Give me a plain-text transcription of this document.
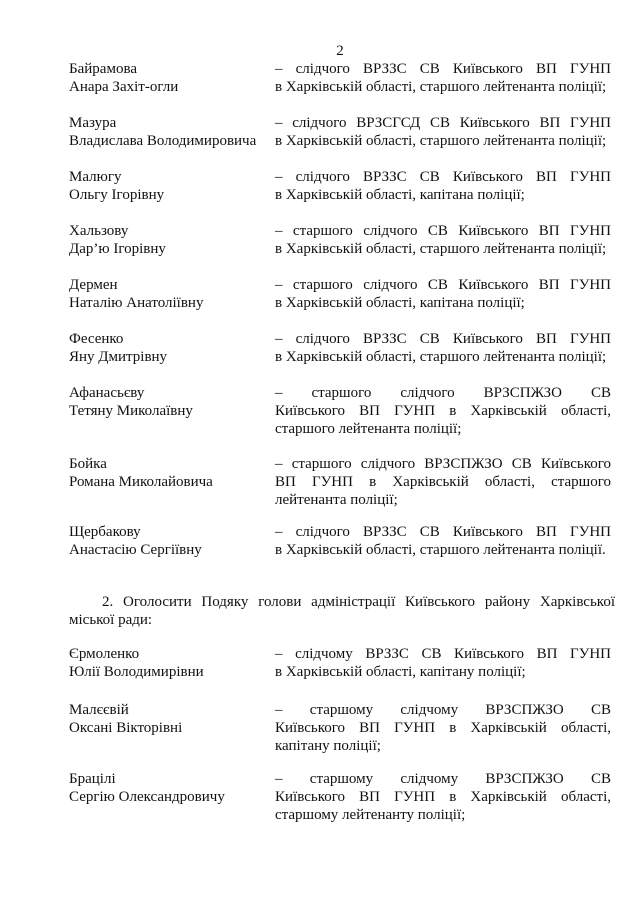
2
Байрамова
Анара Захіт-огли
– слідчого ВРЗЗС СВ Київського ВП ГУНП
в Харківській області, старшого лейтенанта поліції;
Мазура
Владислава Володимировича
– слідчого ВРЗСГСД СВ Київського ВП ГУНП
в Харківській області, старшого лейтенанта поліції;
Малюгу
Ольгу Ігорівну
– слідчого ВРЗЗС СВ Київського ВП ГУНП
в Харківській області, капітана поліції;
Хальзову
Дар’ю Ігорівну
– старшого слідчого СВ Київського ВП ГУНП
в Харківській області, старшого лейтенанта поліції;
Дермен
Наталію Анатоліївну
– старшого слідчого СВ Київського ВП ГУНП
в Харківській області, капітана поліції;
Фесенко
Яну Дмитрівну
– слідчого ВРЗЗС СВ Київського ВП ГУНП
в Харківській області, старшого лейтенанта поліції;
Афанасьєву
Тетяну Миколаївну
– старшого слідчого ВРЗСПЖЗО СВ
Київського ВП ГУНП в Харківській області,
старшого лейтенанта поліції;
Бойка
Романа Миколайовича
– старшого слідчого ВРЗСПЖЗО СВ Київського
ВП ГУНП в Харківській області, старшого
лейтенанта поліції;
Щербакову
Анастасію Сергіївну
– слідчого ВРЗЗС СВ Київського ВП ГУНП
в Харківській області, старшого лейтенанта поліції.
2. Оголосити Подяку голови адміністрації Київського району Харківської
міської ради:
Єрмоленко
Юлії Володимирівни
– слідчому ВРЗЗС СВ Київського ВП ГУНП
в Харківській області, капітану поліції;
Малєєвій
Оксані Вікторівні
– старшому слідчому ВРЗСПЖЗО СВ
Київського ВП ГУНП в Харківській області,
капітану поліції;
Брацілі
Сергію Олександровичу
– старшому слідчому ВРЗСПЖЗО СВ
Київського ВП ГУНП в Харківській області,
старшому лейтенанту поліції;
